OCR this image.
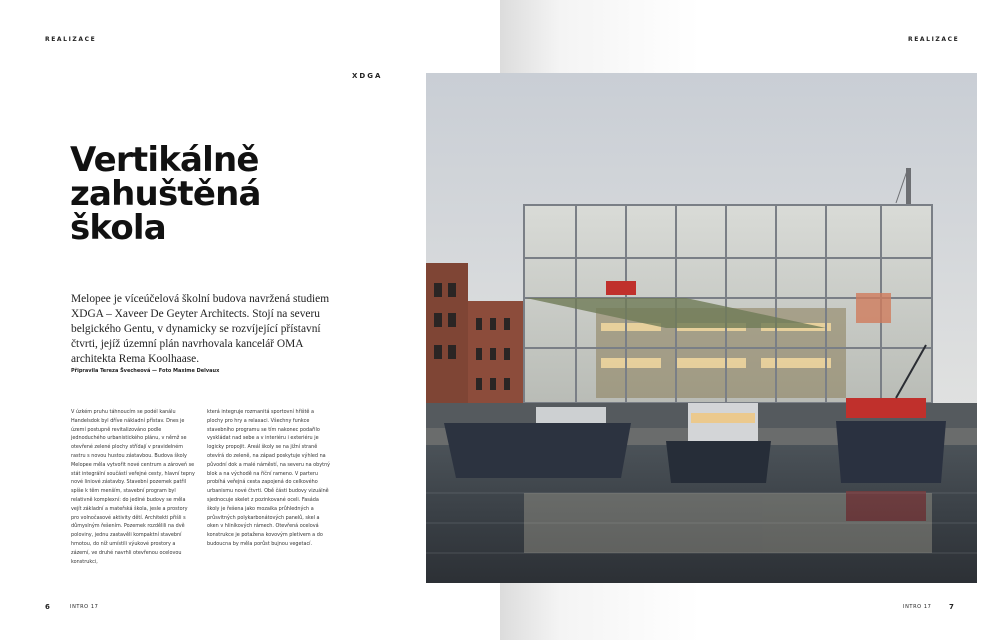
REALIZACE	REALIZACE
XDGA
Vertikálně
zahuštěná
škola

Melopee je víceúčelová školní budova navržená studiem XDGA – Xaveer De Geyter Architects. Stojí na severu belgického Gentu, v dynamicky se rozvíjející přístavní čtvrti, jejíž územní plán navrhovala kancelář OMA architekta Rema Koolhaase.

Připravila Tereza Švecheová — Foto Maxime Delvaux

V úzkém pruhu táhnoucím se podél kanálu Handelsdok byl dříve nákladní přístav. Dnes je území postupně revitalizováno podle jednoduchého urbanistického plánu, v němž se otevřené zelené plochy střídají v pravidelném rastru s novou hustou zástavbou. Budova školy Melopee měla vytvořit nové centrum a zároveň se stát integrální součástí veřejné cesty, hlavní tepny nové liniové zástavby. Stavební pozemek patřil spíše k těm menším, stavební program byl relativně komplexní: do jediné budovy se měla vejít základní a mateřská škola, jesle a prostory pro volnočasové aktivity dětí. Architekti přišli s důmyslným řešením. Pozemek rozdělili na dvě poloviny, jednu zastavěli kompaktní stavební hmotou, do níž umístili výukové prostory a zázemí, ve druhé navrhli otevřenou ocelovou konstrukci,

která integruje rozmanitá sportovní hřiště a plochy pro hry a relaxaci. Všechny funkce stavebního programu se tím nakonec podařilo vyskládat nad sebe a v interiéru i exteriéru je logicky propojit. Areál školy se na jižní straně otevírá do zeleně, na západ poskytuje výhled na původní dok a malé náměstí, na severu na obytný blok a na východě na říční rameno. V parteru probíhá veřejná cesta zapojená do celkového urbanismu nové čtvrti. Obě části budovy vizuálně sjednocuje skelet z pozinkované oceli. Fasáda školy je řešena jako mozaika průhledných a průsvitných polykarbonátových panelů, skel a oken v hliníkových rámech. Otevřená ocelová konstrukce je potažena kovovým pletivem a do budoucna by měla porůst bujnou vegetací.

6	INTRO 17	INTRO 17	7
